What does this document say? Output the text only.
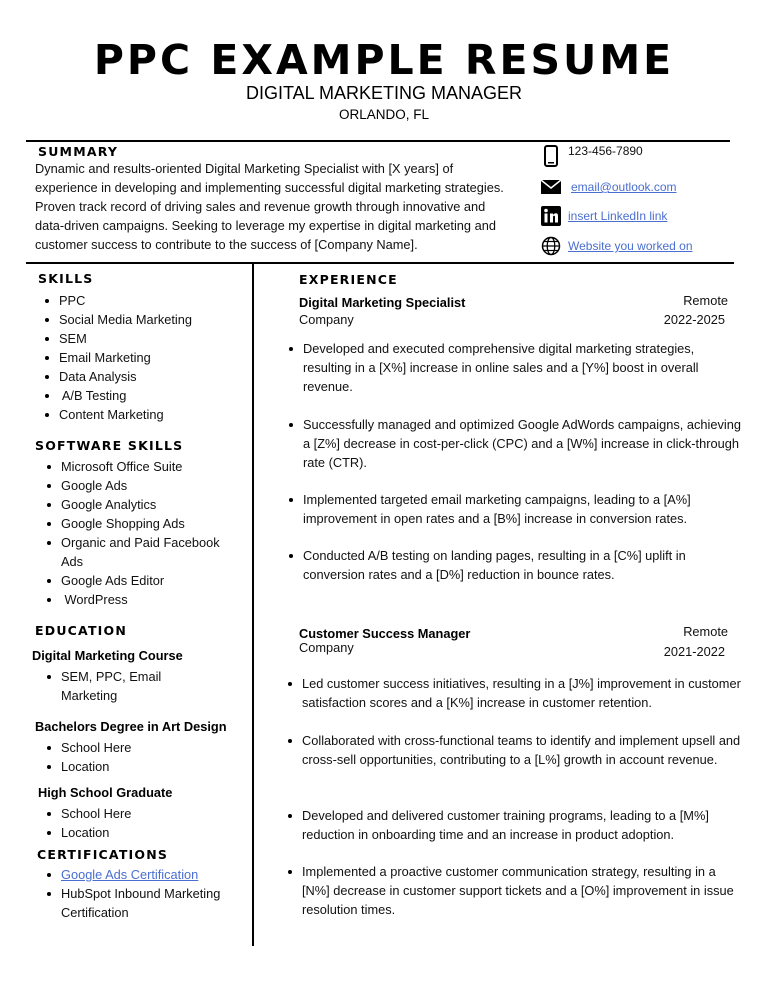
PPC EXAMPLE RESUME
DIGITAL MARKETING MANAGER
ORLANDO, FL
SUMMARY
Dynamic and results-oriented Digital Marketing Specialist with [X years] of experience in developing and implementing successful digital marketing strategies. Proven track record of driving sales and revenue growth through innovative and data-driven campaigns. Seeking to leverage my expertise in digital marketing and customer success to contribute to the success of [Company Name].
123-456-7890
email@outlook.com
insert LinkedIn link
Website you worked on
SKILLS
PPC
Social Media Marketing
SEM
Email Marketing
Data Analysis
A/B Testing
Content Marketing
SOFTWARE SKILLS
Microsoft Office Suite
Google Ads
Google Analytics
Google Shopping Ads
Organic and Paid Facebook Ads
Google Ads Editor
WordPress
EDUCATION
Digital Marketing Course
SEM, PPC, Email Marketing
Bachelors Degree in Art Design
School Here
Location
High School Graduate
School Here
Location
CERTIFICATIONS
Google Ads Certification
HubSpot Inbound Marketing Certification
EXPERIENCE
Digital Marketing Specialist
Company
Remote
2022-2025
Developed and executed comprehensive digital marketing strategies, resulting in a [X%] increase in online sales and a [Y%] boost in overall revenue.
Successfully managed and optimized Google AdWords campaigns, achieving a [Z%] decrease in cost-per-click (CPC) and a [W%] increase in click-through rate (CTR).
Implemented targeted email marketing campaigns, leading to a [A%] improvement in open rates and a [B%] increase in conversion rates.
Conducted A/B testing on landing pages, resulting in a [C%] uplift in conversion rates and a [D%] reduction in bounce rates.
Customer Success Manager
Company
Remote
2021-2022
Led customer success initiatives, resulting in a [J%] improvement in customer satisfaction scores and a [K%] increase in customer retention.
Collaborated with cross-functional teams to identify and implement upsell and cross-sell opportunities, contributing to a [L%] growth in account revenue.
Developed and delivered customer training programs, leading to a [M%] reduction in onboarding time and an increase in product adoption.
Implemented a proactive customer communication strategy, resulting in a [N%] decrease in customer support tickets and a [O%] improvement in issue resolution times.
